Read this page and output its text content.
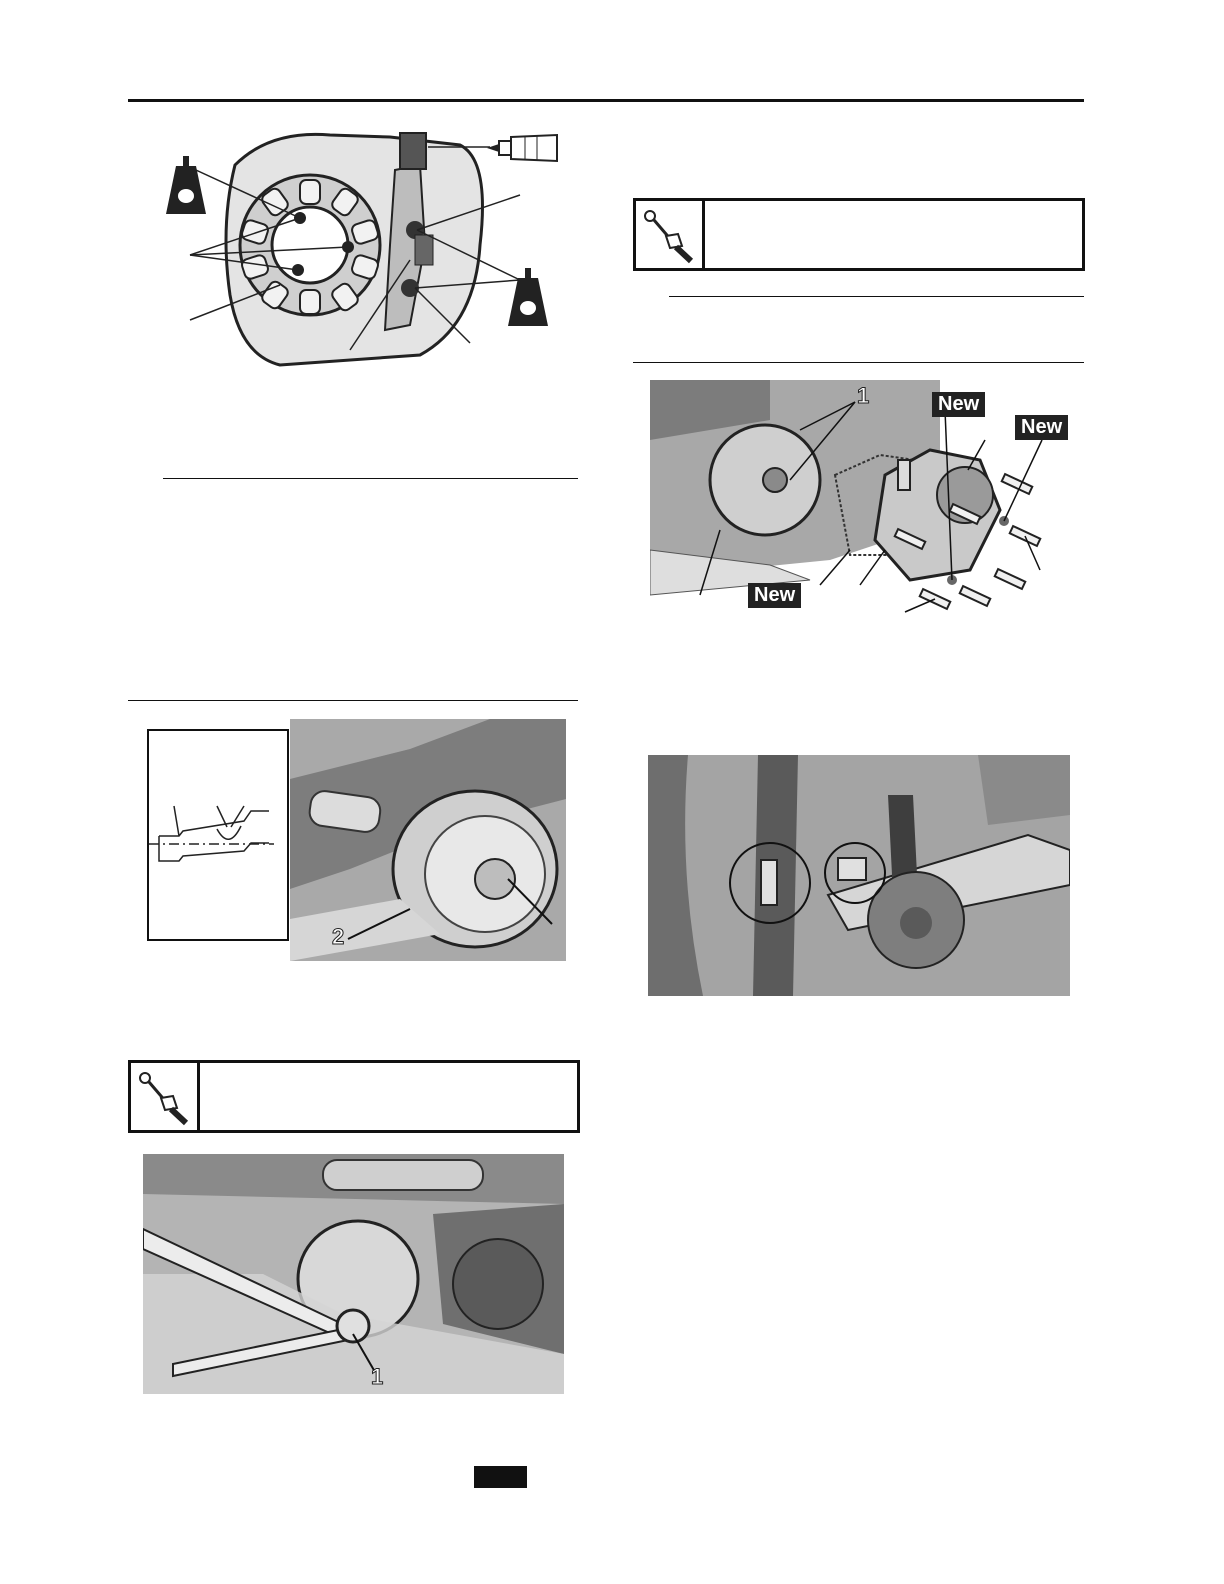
2
1
1	New
New
New
